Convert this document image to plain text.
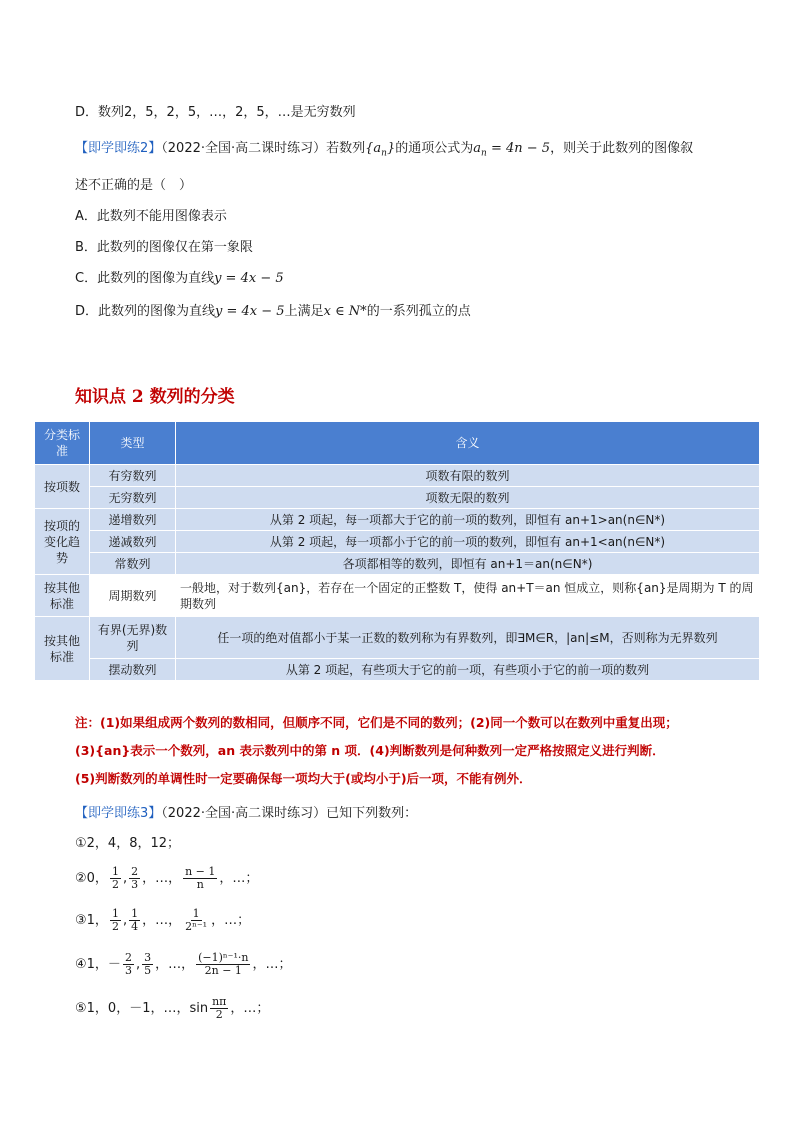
D．数列2，5，2，5，…，2，5，…是无穷数列
【即学即练2】（2022·全国·高二课时练习）若数列$\{a_n\}$的通项公式为$a_n = 4n - 5$，则关于此数列的图像叙
述不正确的是（　）
A．此数列不能用图像表示
B．此数列的图像仅在第一象限
C．此数列的图像为直线y = 4x − 5
D．此数列的图像为直线y = 4x − 5上满足x ∈ N*的一系列孤立的点
知识点 2 数列的分类
分类标准	类型	含义
按项数	有穷数列	项数有限的数列
	无穷数列	项数无限的数列
按项的变化趋势	递增数列	从第 2 项起，每一项都大于它的前一项的数列，即恒有 an+1>an(n∈N*)
	递减数列	从第 2 项起，每一项都小于它的前一项的数列，即恒有 an+1<an(n∈N*)
	常数列	各项都相等的数列，即恒有 an+1＝an(n∈N*)
按其他标准	周期数列	一般地，对于数列{an}，若存在一个固定的正整数 T，使得 an+T＝an 恒成立，则称{an}是周期为 T 的周期数列
按其他标准	有界(无界)数列	任一项的绝对值都小于某一正数的数列称为有界数列，即∃M∈R，|an|≤M，否则称为无界数列
	摆动数列	从第 2 项起，有些项大于它的前一项，有些项小于它的前一项的数列
注：(1)如果组成两个数列的数相同，但顺序不同，它们是不同的数列；(2)同一个数可以在数列中重复出现；
(3){an}表示一个数列，an 表示数列中的第 n 项．(4)判断数列是何种数列一定严格按照定义进行判断．
(5)判断数列的单调性时一定要确保每一项均大于(或均小于)后一项，不能有例外．
【即学即练3】（2022·全国·高二课时练习）已知下列数列：
①2，4，8，12；
②0， $\frac{1}{2}$ , $\frac{2}{3}$ ，…， $\frac{n - 1}{n}$ ，…；
③1， $\frac{1}{2}$ , $\frac{1}{4}$ ，…， $\frac{1}{\text{2ⁿ⁻¹}}$ ，…；
④1，－ $\frac{2}{3}$ , $\frac{3}{5}$ ，…， $\frac{\text{(−1)ⁿ⁻¹·n}}{2n - 1}$ ，…；
⑤1，0，－1，…，$\sin \frac{n\pi}{2}$ ，…；
